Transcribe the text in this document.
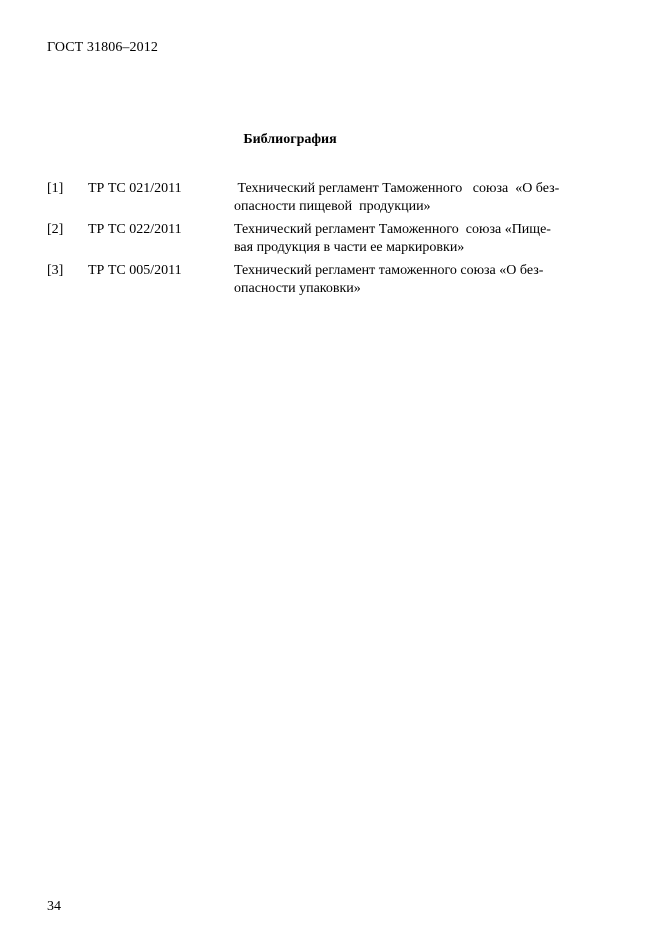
ГОСТ 31806–2012
Библиография
[1] ТР ТС 021/2011	Технический регламент Таможенного   союза  «О без-
опасности пищевой  продукции»
[2] ТР ТС 022/2011	Технический регламент Таможенного  союза «Пище-
вая продукция в части ее маркировки»
[3] ТР ТС 005/2011	Технический регламент таможенного союза «О без-
опасности упаковки»
34
